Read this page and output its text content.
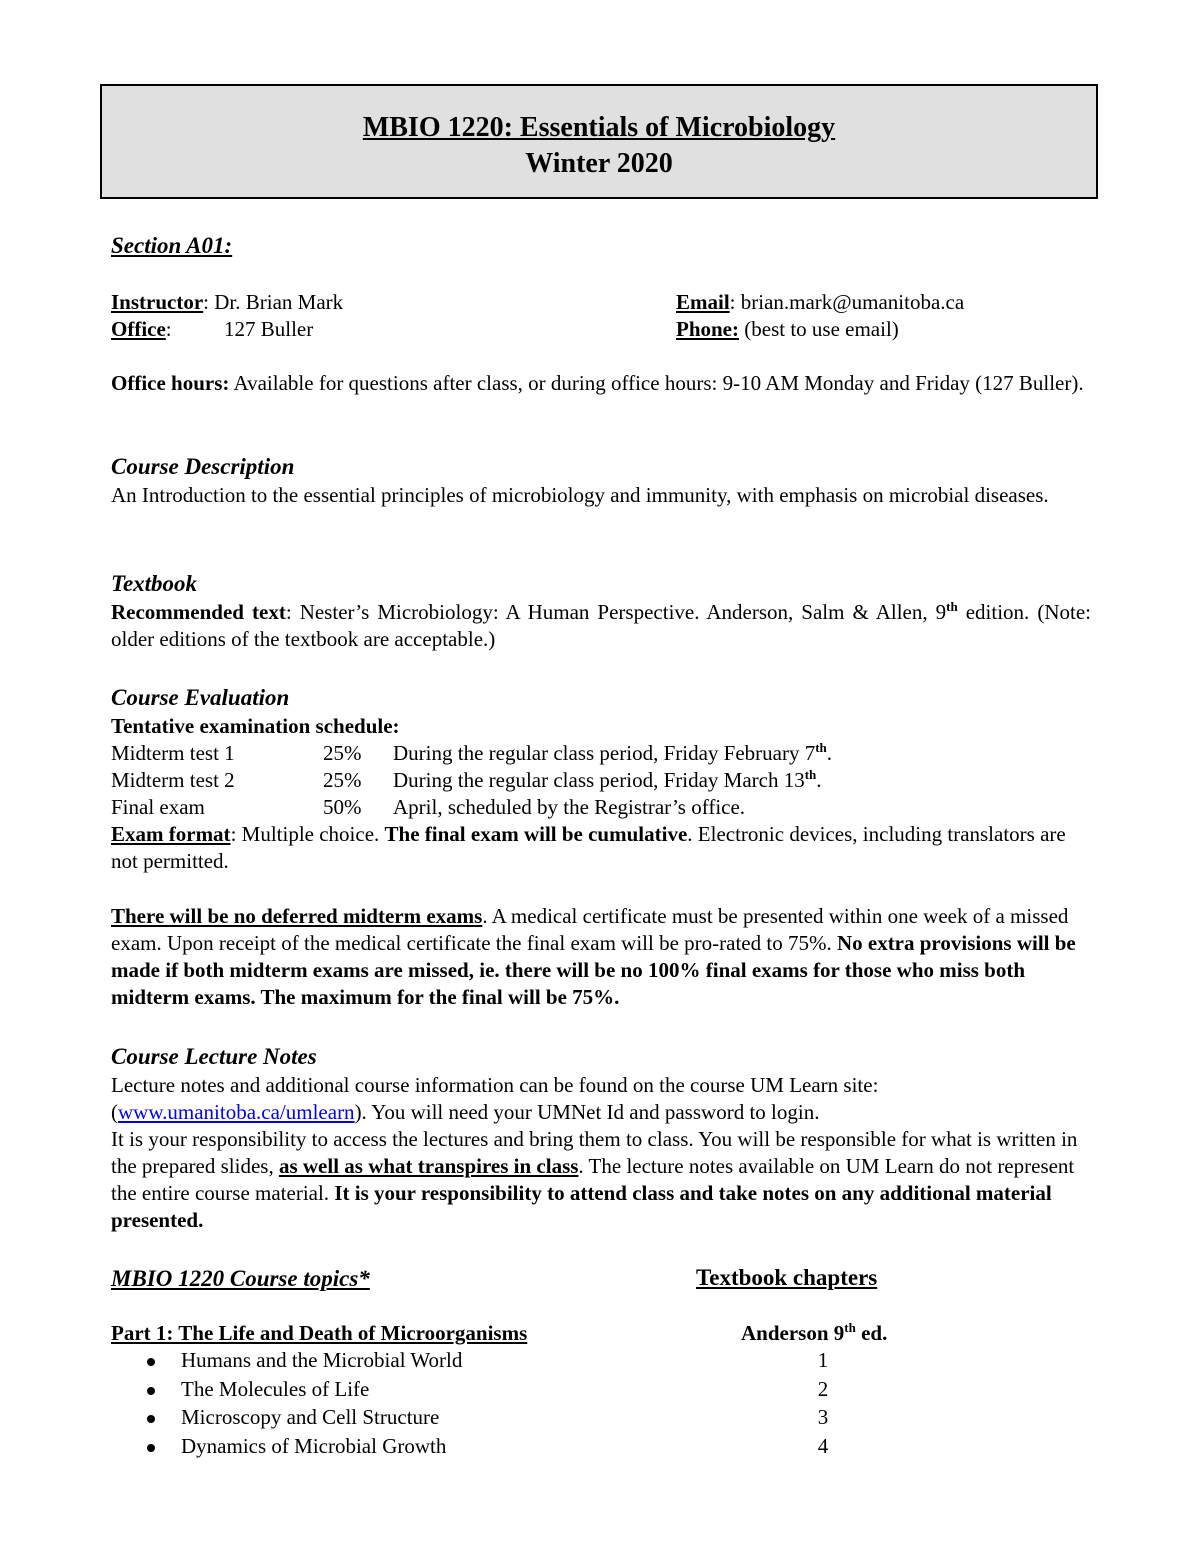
MBIO 1220: Essentials of Microbiology
Winter 2020
Section A01:
Instructor: Dr. Brian Mark	Email: brian.mark@umanitoba.ca
Office: 127 Buller	Phone: (best to use email)
Office hours: Available for questions after class, or during office hours: 9-10 AM Monday and Friday (127 Buller).
Course Description
An Introduction to the essential principles of microbiology and immunity, with emphasis on microbial diseases.
Textbook
Recommended text: Nester’s Microbiology: A Human Perspective. Anderson, Salm & Allen, 9th edition. (Note: older editions of the textbook are acceptable.)
Course Evaluation
Tentative examination schedule:
Midterm test 1	25% During the regular class period, Friday February 7th.
Midterm test 2	25% During the regular class period, Friday March 13th.
Final exam	50% April, scheduled by the Registrar’s office.
Exam format: Multiple choice. The final exam will be cumulative. Electronic devices, including translators are not permitted.
There will be no deferred midterm exams. A medical certificate must be presented within one week of a missed exam. Upon receipt of the medical certificate the final exam will be pro-rated to 75%. No extra provisions will be made if both midterm exams are missed, ie. there will be no 100% final exams for those who miss both midterm exams. The maximum for the final will be 75%.
Course Lecture Notes
Lecture notes and additional course information can be found on the course UM Learn site: (www.umanitoba.ca/umlearn). You will need your UMNet Id and password to login.
It is your responsibility to access the lectures and bring them to class. You will be responsible for what is written in the prepared slides, as well as what transpires in class. The lecture notes available on UM Learn do not represent the entire course material. It is your responsibility to attend class and take notes on any additional material presented.
MBIO 1220 Course topics*	Textbook chapters
Part 1: The Life and Death of Microorganisms	Anderson 9th ed.
Humans and the Microbial World	1
The Molecules of Life	2
Microscopy and Cell Structure	3
Dynamics of Microbial Growth	4
